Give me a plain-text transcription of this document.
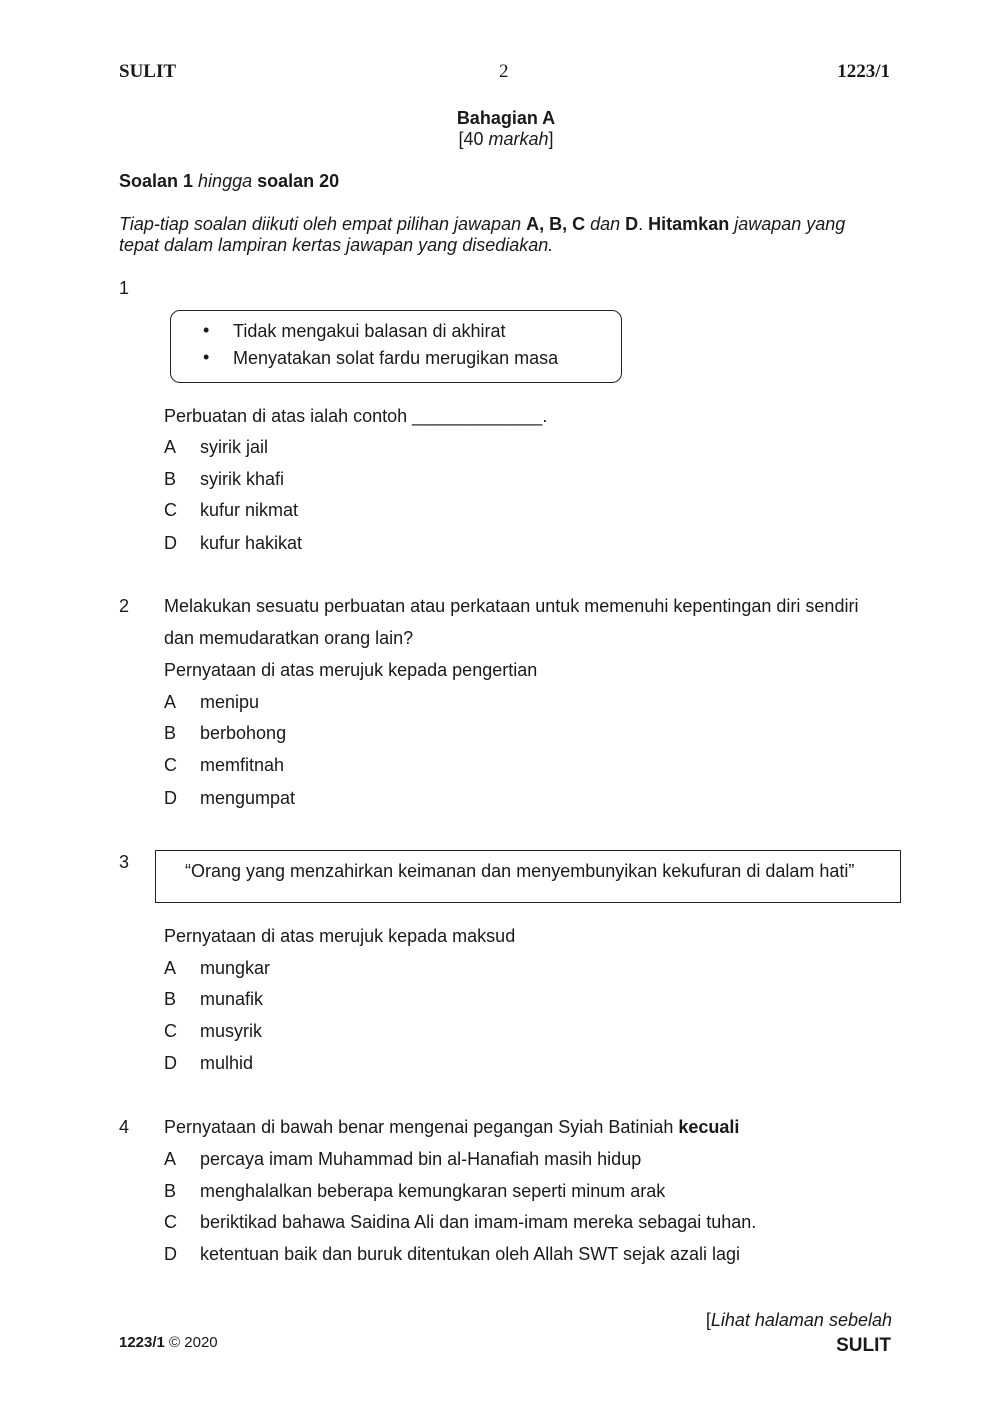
SULIT	2	1223/1
Bahagian A
[40 markah]
Soalan 1 hingga soalan 20
Tiap-tiap soalan diikuti oleh empat pilihan jawapan A, B, C dan D. Hitamkan jawapan yang
tepat dalam lampiran kertas jawapan yang disediakan.
1
• Tidak mengakui balasan di akhirat
• Menyatakan solat fardu merugikan masa
Perbuatan di atas ialah contoh _____________.
A syirik jail
B syirik khafi
C kufur nikmat
D kufur hakikat
2 Melakukan sesuatu perbuatan atau perkataan untuk memenuhi kepentingan diri sendiri
dan memudaratkan orang lain?
Pernyataan di atas merujuk kepada pengertian
A menipu
B berbohong
C memfitnah
D mengumpat
3	“Orang yang menzahirkan keimanan dan menyembunyikan kekufuran di dalam hati”
Pernyataan di atas merujuk kepada maksud
A mungkar
B munafik
C musyrik
D mulhid
4 Pernyataan di bawah benar mengenai pegangan Syiah Batiniah kecuali
A percaya imam Muhammad bin al-Hanafiah masih hidup
B menghalalkan beberapa kemungkaran seperti minum arak
C beriktikad bahawa Saidina Ali dan imam-imam mereka sebagai tuhan.
D ketentuan baik dan buruk ditentukan oleh Allah SWT sejak azali lagi
[Lihat halaman sebelah
1223/1 © 2020	SULIT
